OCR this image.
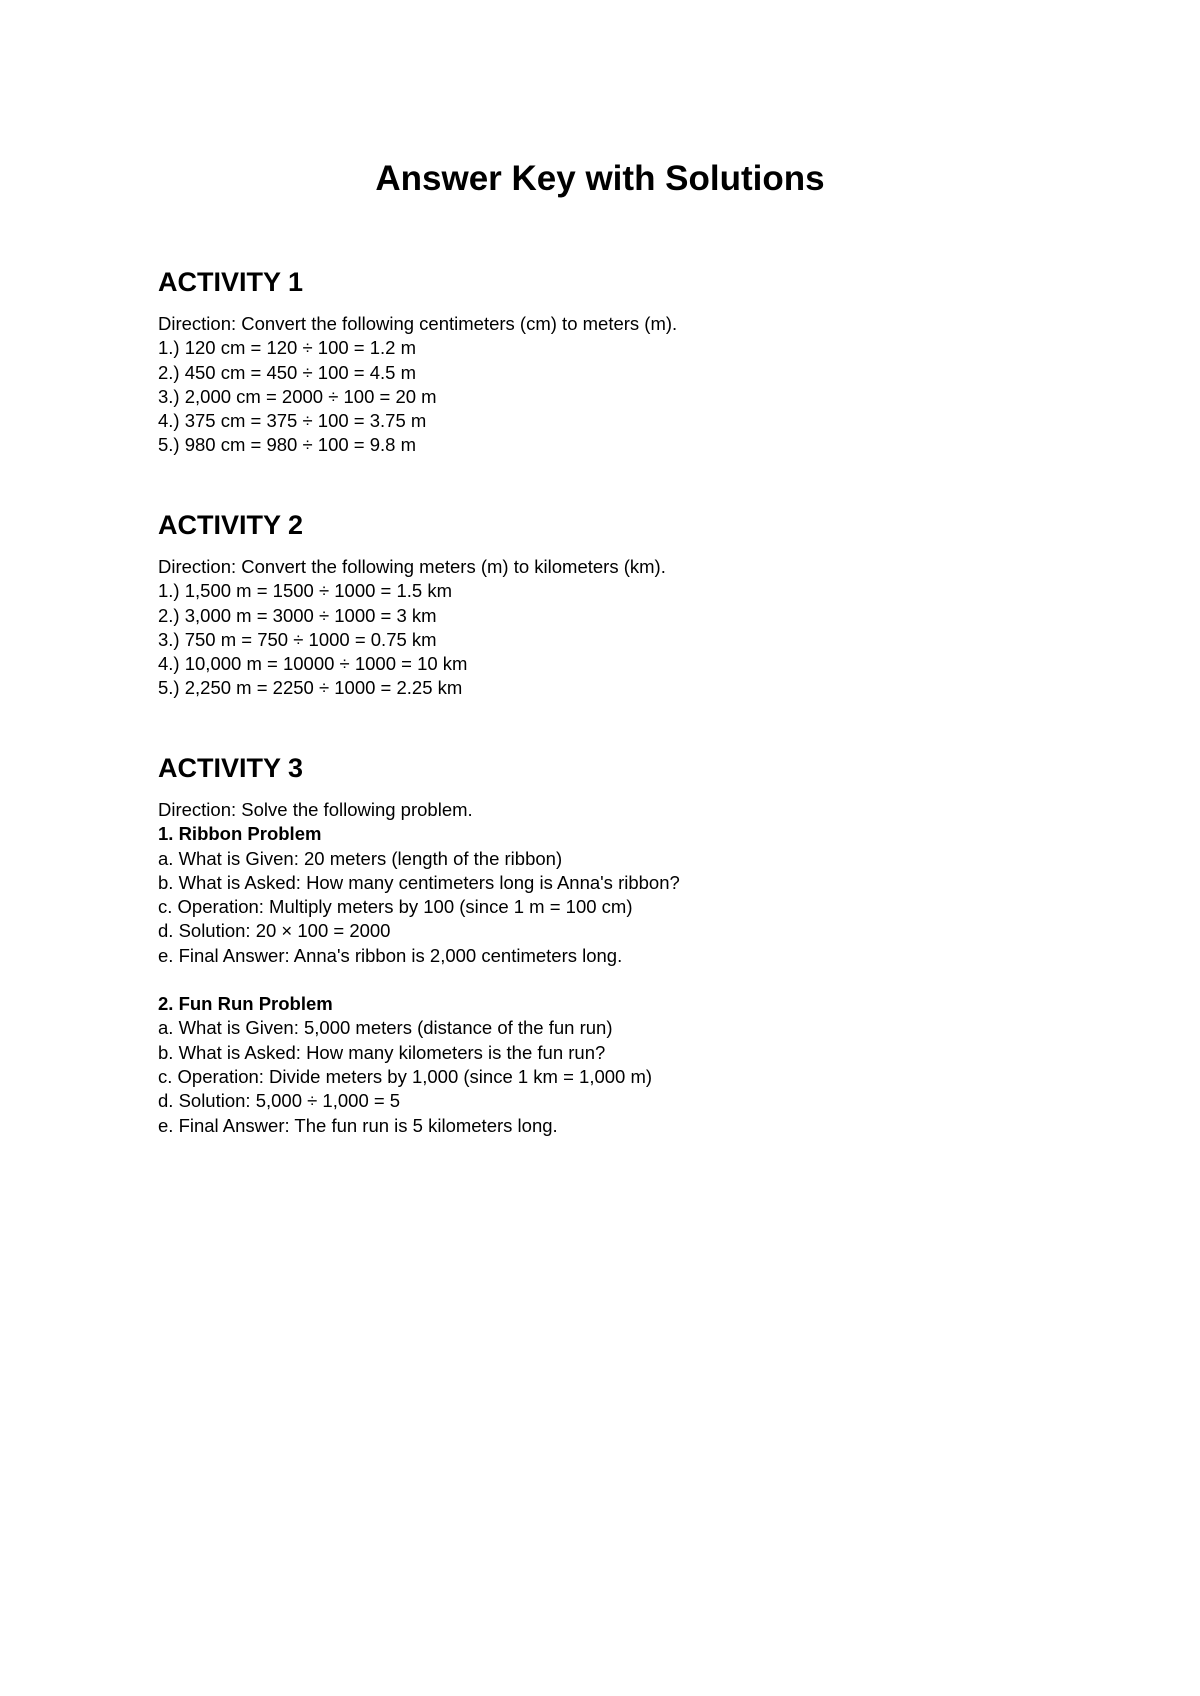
Answer Key with Solutions
ACTIVITY 1

Direction: Convert the following centimeters (cm) to meters (m).

1.) 120 cm = 120 ÷ 100 = 1.2 m

2.) 450 cm = 450 ÷ 100 = 4.5 m

3.) 2,000 cm = 2000 ÷ 100 = 20 m

4.) 375 cm = 375 ÷ 100 = 3.75 m

5.) 980 cm = 980 ÷ 100 = 9.8 m

ACTIVITY 2

Direction: Convert the following meters (m) to kilometers (km).

1.) 1,500 m = 1500 ÷ 1000 = 1.5 km

2.) 3,000 m = 3000 ÷ 1000 = 3 km

3.) 750 m = 750 ÷ 1000 = 0.75 km

4.) 10,000 m = 10000 ÷ 1000 = 10 km

5.) 2,250 m = 2250 ÷ 1000 = 2.25 km

ACTIVITY 3

Direction: Solve the following problem.

1. Ribbon Problem

a. What is Given: 20 meters (length of the ribbon)

b. What is Asked: How many centimeters long is Anna's ribbon?

c. Operation: Multiply meters by 100 (since 1 m = 100 cm)

d. Solution: 20 × 100 = 2000

e. Final Answer: Anna's ribbon is 2,000 centimeters long.

2. Fun Run Problem

a. What is Given: 5,000 meters (distance of the fun run)

b. What is Asked: How many kilometers is the fun run?

c. Operation: Divide meters by 1,000 (since 1 km = 1,000 m)

d. Solution: 5,000 ÷ 1,000 = 5

e. Final Answer: The fun run is 5 kilometers long.
